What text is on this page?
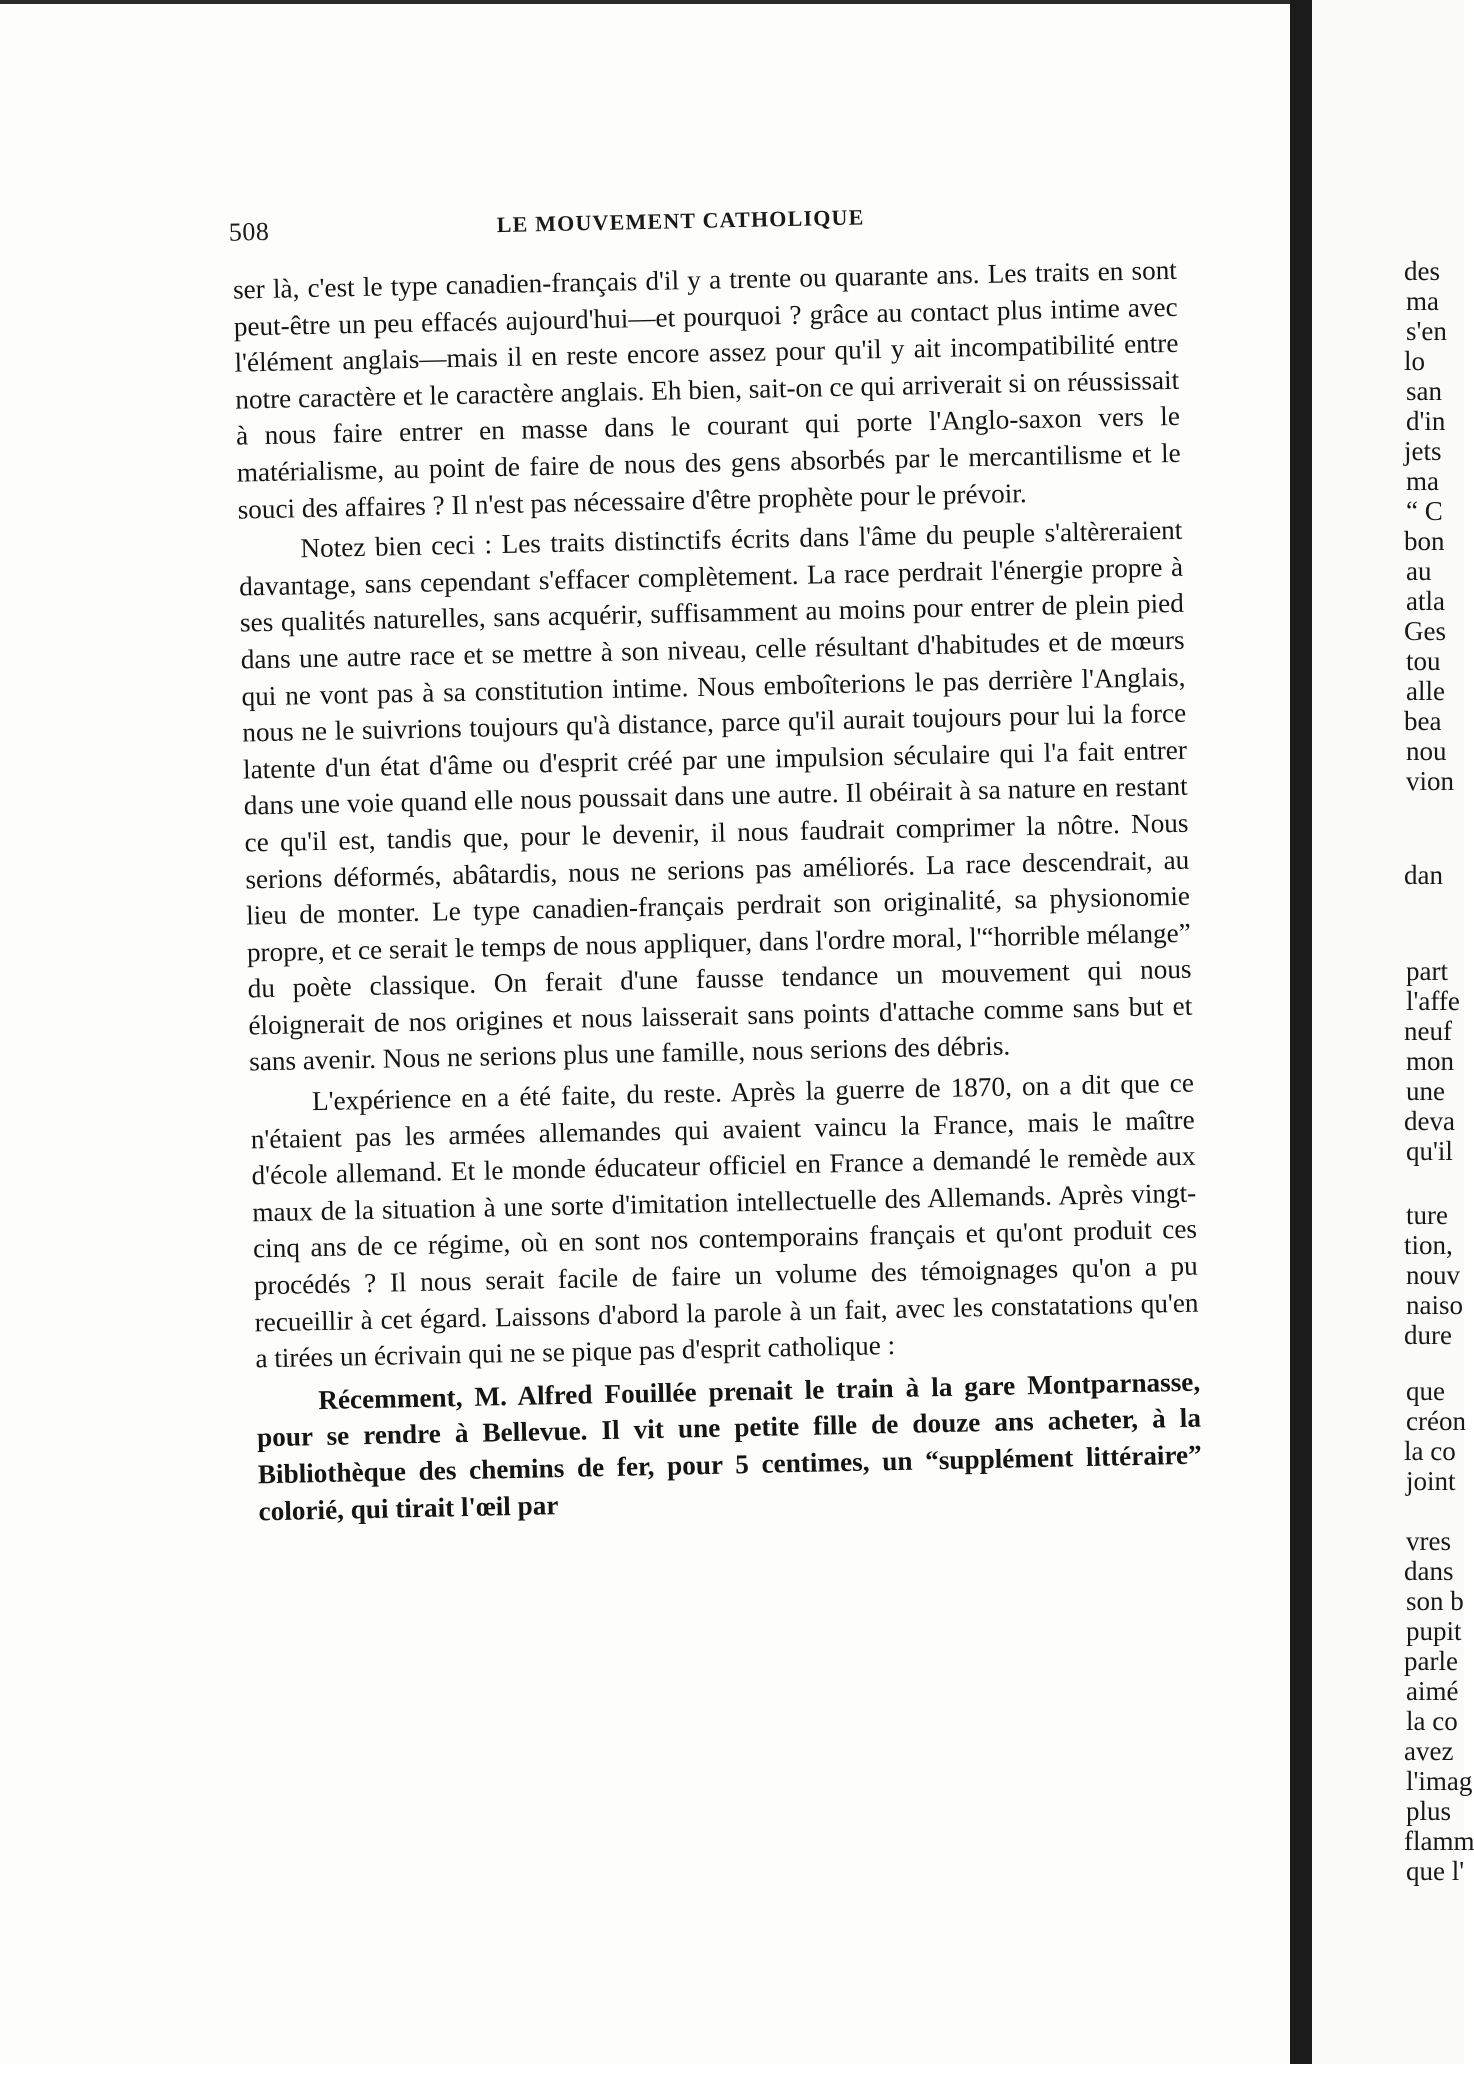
508	LE MOUVEMENT CATHOLIQUE

ser là, c'est le type canadien-français d'il y a trente ou quarante ans. Les traits en sont peut-être un peu effacés aujourd'hui—et pourquoi ? grâce au contact plus intime avec l'élément anglais—mais il en reste encore assez pour qu'il y ait incompatibilité entre notre caractère et le caractère anglais. Eh bien, sait-on ce qui arriverait si on réussissait à nous faire entrer en masse dans le courant qui porte l'Anglo-saxon vers le matérialisme, au point de faire de nous des gens absorbés par le mercantilisme et le souci des affaires ? Il n'est pas nécessaire d'être prophète pour le prévoir.

Notez bien ceci : Les traits distinctifs écrits dans l'âme du peuple s'altèreraient davantage, sans cependant s'effacer complètement. La race perdrait l'énergie propre à ses qualités naturelles, sans acquérir, suffisamment au moins pour entrer de plein pied dans une autre race et se mettre à son niveau, celle résultant d'habitudes et de mœurs qui ne vont pas à sa constitution intime. Nous emboîterions le pas derrière l'Anglais, nous ne le suivrions toujours qu'à distance, parce qu'il aurait toujours pour lui la force latente d'un état d'âme ou d'esprit créé par une impulsion séculaire qui l'a fait entrer dans une voie quand elle nous poussait dans une autre. Il obéirait à sa nature en restant ce qu'il est, tandis que, pour le devenir, il nous faudrait comprimer la nôtre. Nous serions déformés, abâtardis, nous ne serions pas améliorés. La race descendrait, au lieu de monter. Le type canadien-français perdrait son originalité, sa physionomie propre, et ce serait le temps de nous appliquer, dans l'ordre moral, l'“horrible mélange” du poète classique. On ferait d'une fausse tendance un mouvement qui nous éloignerait de nos origines et nous laisserait sans points d'attache comme sans but et sans avenir. Nous ne serions plus une famille, nous serions des débris.

L'expérience en a été faite, du reste. Après la guerre de 1870, on a dit que ce n'étaient pas les armées allemandes qui avaient vaincu la France, mais le maître d'école allemand. Et le monde éducateur officiel en France a demandé le remède aux maux de la situation à une sorte d'imitation intellectuelle des Allemands. Après vingt-cinq ans de ce régime, où en sont nos contemporains français et qu'ont produit ces procédés ? Il nous serait facile de faire un volume des témoignages qu'on a pu recueillir à cet égard. Laissons d'abord la parole à un fait, avec les constatations qu'en a tirées un écrivain qui ne se pique pas d'esprit catholique :

Récemment, M. Alfred Fouillée prenait le train à la gare Montparnasse, pour se rendre à Bellevue. Il vit une petite fille de douze ans acheter, à la Bibliothèque des chemins de fer, pour 5 centimes, un “supplément littéraire” colorié, qui tirait l'œil par

des
ma
s'en
lo
san
d'in
jets
ma
“ C
bon
au
atla
Ges
tou
alle
bea
nou
vion
dan
part
l'affe
neuf
mon
une
deva
qu'il
ture
tion,
nouv
naiso
dure
que
créon
la co
joint
vres
dans
son b
pupit
parle
aimé
la co
avez
l'imag
plus
flamm
que l'
